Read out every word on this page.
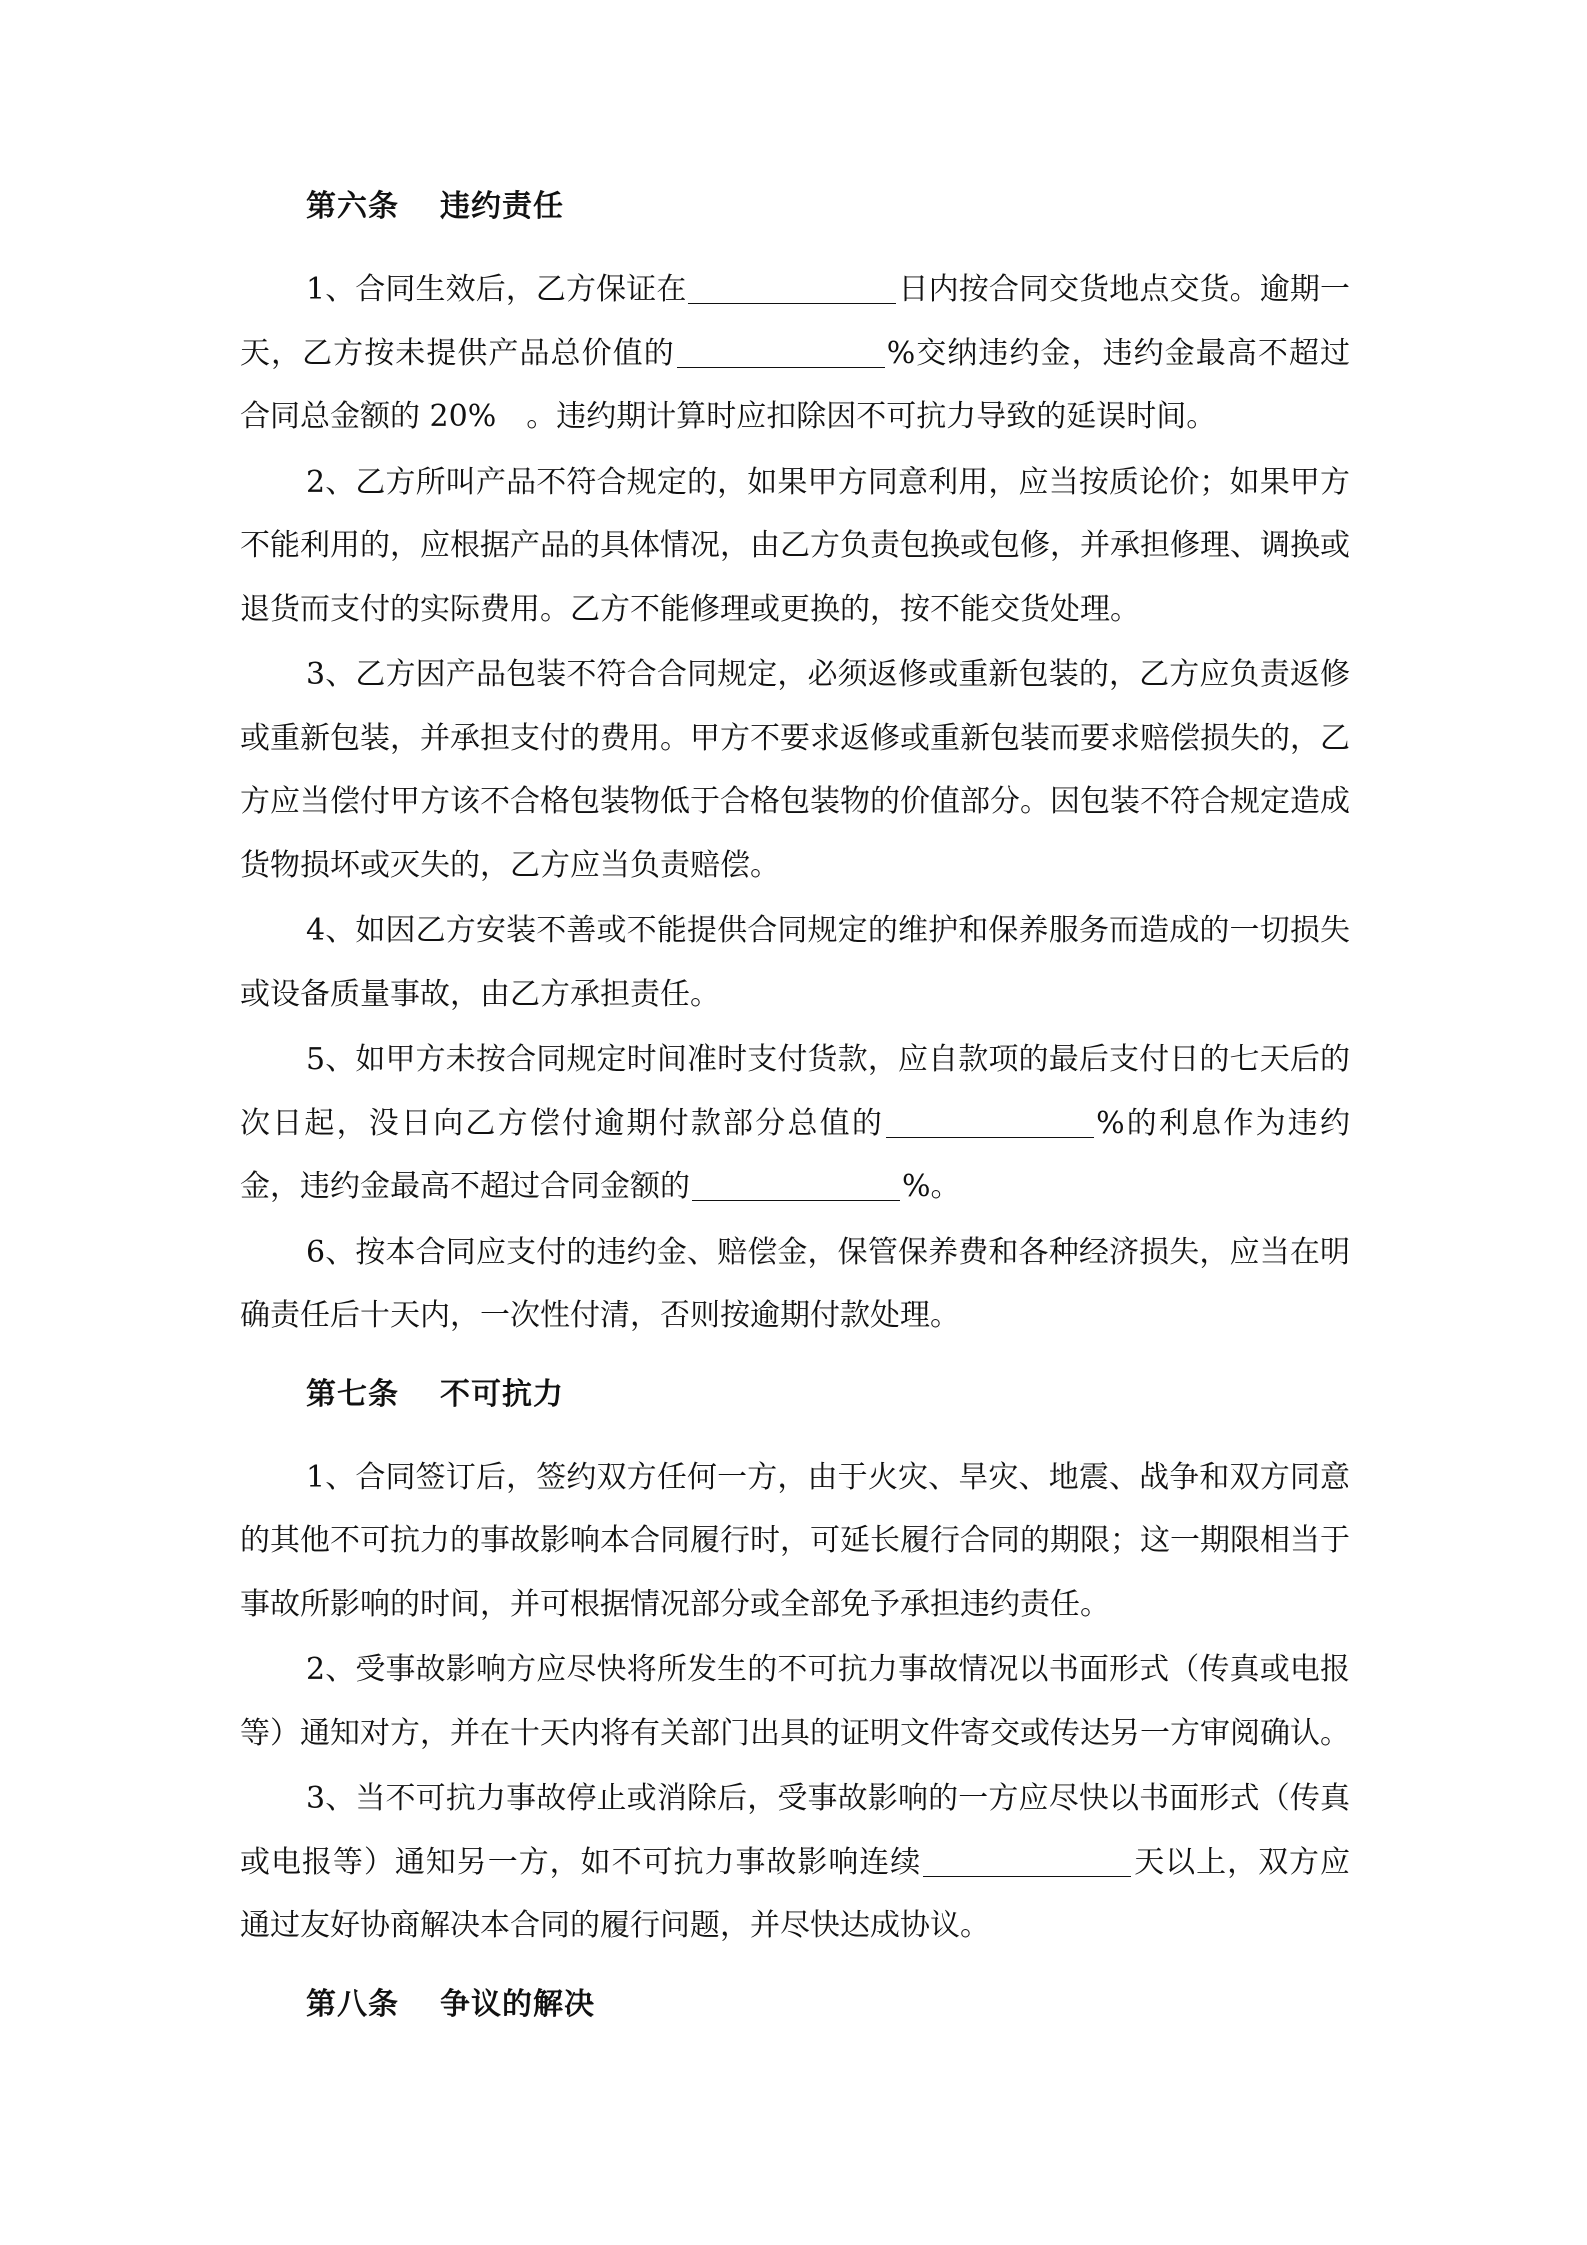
第六条 违约责任

1、合同生效后，乙方保证在	日内按合同交货地点交货。逾期一天，乙方按未提供产品总价值的	%交纳违约金，违约金最高不超过合同总金额的 20%　。违约期计算时应扣除因不可抗力导致的延误时间。

2、乙方所叫产品不符合规定的，如果甲方同意利用，应当按质论价；如果甲方不能利用的，应根据产品的具体情况，由乙方负责包换或包修，并承担修理、调换或退货而支付的实际费用。乙方不能修理或更换的，按不能交货处理。

3、乙方因产品包装不符合合同规定，必须返修或重新包装的，乙方应负责返修或重新包装，并承担支付的费用。甲方不要求返修或重新包装而要求赔偿损失的，乙方应当偿付甲方该不合格包装物低于合格包装物的价值部分。因包装不符合规定造成货物损坏或灭失的，乙方应当负责赔偿。

4、如因乙方安装不善或不能提供合同规定的维护和保养服务而造成的一切损失或设备质量事故，由乙方承担责任。

5、如甲方未按合同规定时间准时支付货款，应自款项的最后支付日的七天后的次日起，没日向乙方偿付逾期付款部分总值的	%的利息作为违约金，违约金最高不超过合同金额的	%。

6、按本合同应支付的违约金、赔偿金，保管保养费和各种经济损失，应当在明确责任后十天内，一次性付清，否则按逾期付款处理。

第七条 不可抗力

1、合同签订后，签约双方任何一方，由于火灾、旱灾、地震、战争和双方同意的其他不可抗力的事故影响本合同履行时，可延长履行合同的期限；这一期限相当于事故所影响的时间，并可根据情况部分或全部免予承担违约责任。

2、受事故影响方应尽快将所发生的不可抗力事故情况以书面形式（传真或电报等）通知对方，并在十天内将有关部门出具的证明文件寄交或传达另一方审阅确认。

3、当不可抗力事故停止或消除后，受事故影响的一方应尽快以书面形式（传真或电报等）通知另一方，如不可抗力事故影响连续	天以上，双方应通过友好协商解决本合同的履行问题，并尽快达成协议。

第八条 争议的解决
